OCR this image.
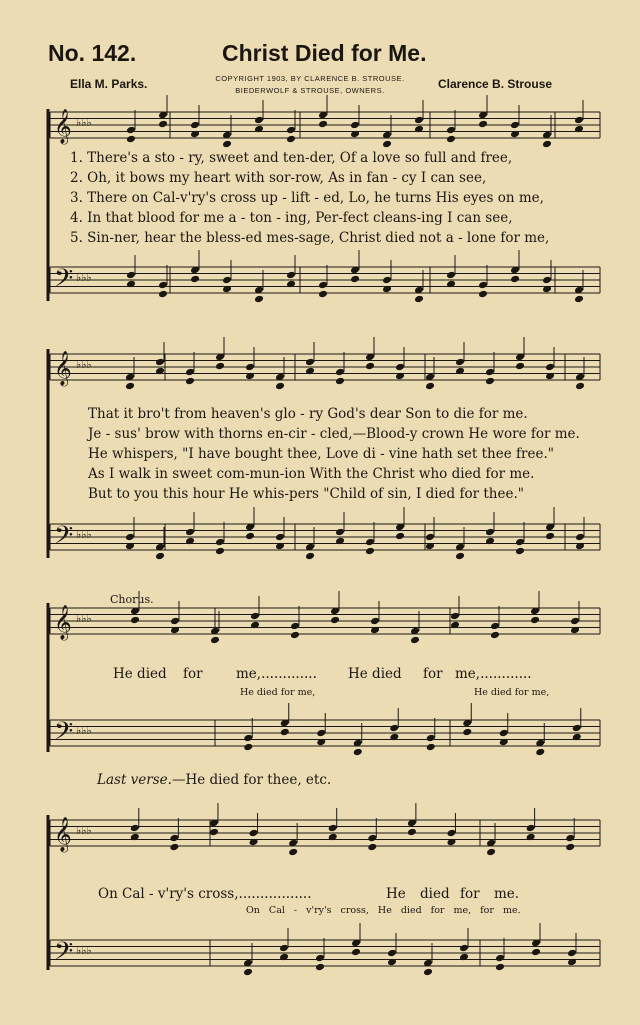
𝄞 ♭♭♭
𝄢 ♭♭♭
𝄞 ♭♭♭
𝄢 ♭♭♭
𝄞 ♭♭♭
𝄢 ♭♭♭
𝄞 ♭♭♭
𝄢 ♭♭♭
No. 142.	Christ Died for Me.
Ella M. Parks.	COPYRIGHT 1903, BY CLARENCE B. STROUSE.
BIEDERWOLF & STROUSE, OWNERS.	Clarence B. Strouse
1. There's a sto - ry, sweet and ten-der, Of a love so full and free,
2. Oh, it bows my heart with sor-row, As in fan - cy I can see,
3. There on Cal-v'ry's cross up - lift - ed, Lo, he turns His eyes on me,
4. In that blood for me a - ton - ing, Per-fect cleans-ing I can see,
5. Sin-ner, hear the bless-ed mes-sage, Christ died not a - lone for me,
That it bro't from heaven's glo - ry God's dear Son to die for me.
Je - sus' brow with thorns en-cir - cled,—Blood-y crown He wore for me.
He whispers, "I have bought thee, Love di - vine hath set thee free."
As I walk in sweet com-mun-ion With the Christ who died for me.
But to you this hour He whis-pers "Child of sin, I died for thee."
Chorus.
He died for me,............. He died for me,............
He died for me,	He died for me,
Last verse.—He died for thee, etc.
On Cal - v'ry's cross,.................	He died for me.
On Cal - v'ry's cross, He died for me, for me.
